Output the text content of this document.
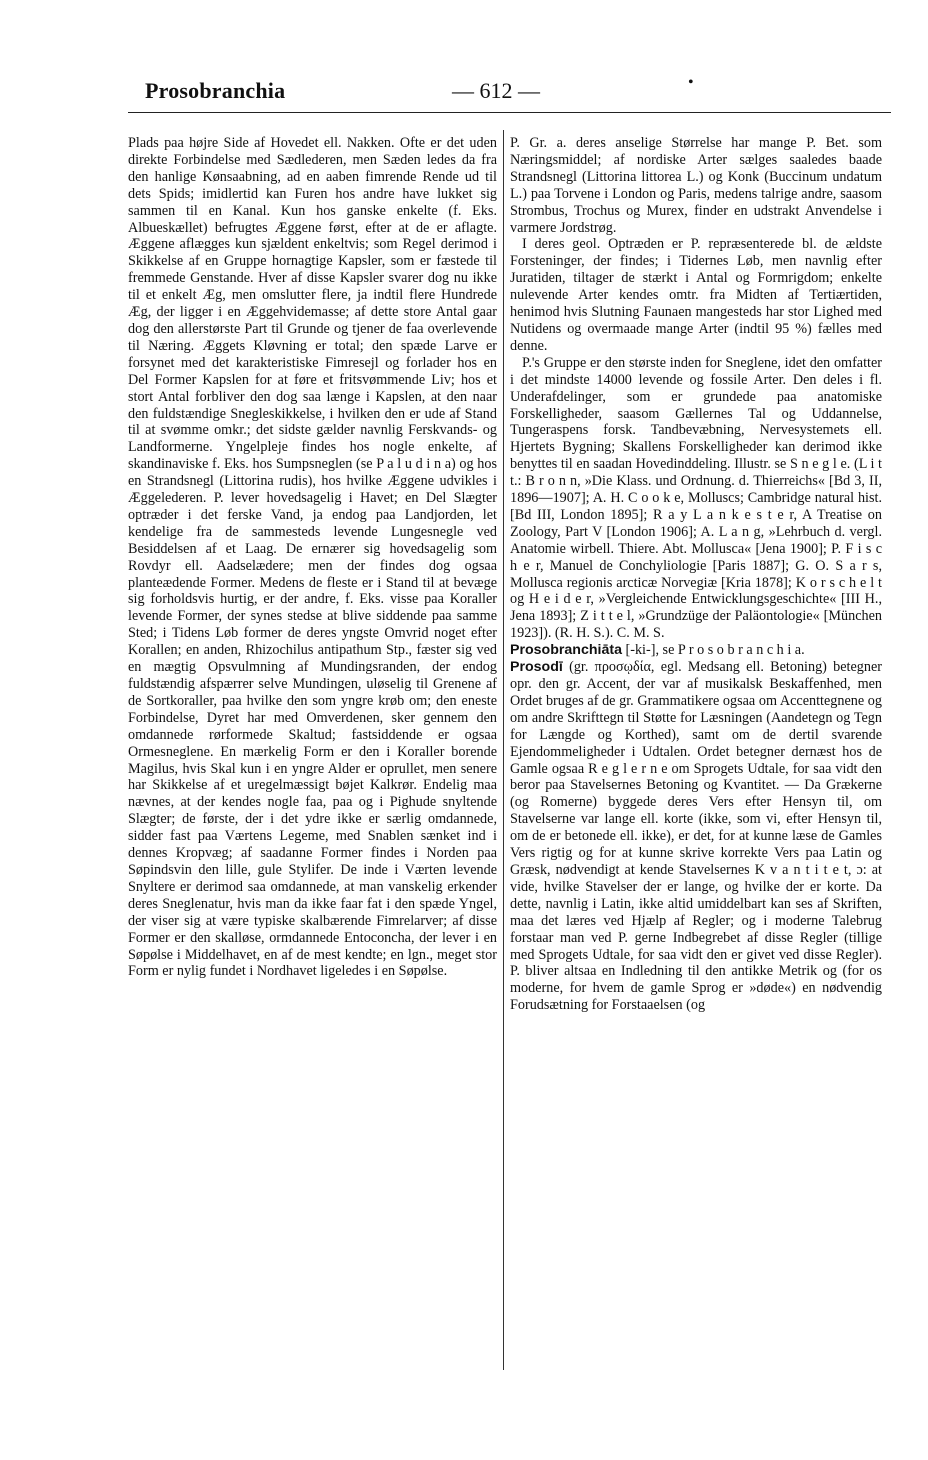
Prosobranchia	— 612 —	•

Plads paa højre Side af Hovedet ell. Nakken. Ofte er det uden direkte Forbindelse med Sædlederen, men Sæden ledes da fra den hanlige Kønsaabning, ad en aaben fimrende Rende ud til dets Spids; imidlertid kan Furen hos andre have lukket sig sammen til en Kanal. Kun hos ganske enkelte (f. Eks. Albueskællet) befrugtes Æggene først, efter at de er aflagte. Æggene aflægges kun sjældent enkeltvis; som Regel derimod i Skikkelse af en Gruppe hornagtige Kapsler, som er fæstede til fremmede Genstande. Hver af disse Kapsler svarer dog nu ikke til et enkelt Æg, men omslutter flere, ja indtil flere Hundrede Æg, der ligger i en Æggehvidemasse; af dette store Antal gaar dog den allerstørste Part til Grunde og tjener de faa overlevende til Næring. Æggets Kløvning er total; den spæde Larve er forsynet med det karakteristiske Fimresejl og forlader hos en Del Former Kapslen for at føre et fritsvømmende Liv; hos et stort Antal forbliver den dog saa længe i Kapslen, at den naar den fuldstændige Snegleskikkelse, i hvilken den er ude af Stand til at svømme omkr.; det sidste gælder navnlig Ferskvands- og Landformerne. Yngelpleje findes hos nogle enkelte, af skandinaviske f. Eks. hos Sumpsneglen (se P a l u d i n a) og hos en Strandsnegl (Littorina rudis), hos hvilke Æggene udvikles i Æggelederen. P. lever hovedsagelig i Havet; en Del Slægter optræder i det ferske Vand, ja endog paa Landjorden, let kendelige fra de sammesteds levende Lungesnegle ved Besiddelsen af et Laag. De ernærer sig hovedsagelig som Rovdyr ell. Aadselædere; men der findes dog ogsaa planteædende Former. Medens de fleste er i Stand til at bevæge sig forholdsvis hurtig, er der andre, f. Eks. visse paa Koraller levende Former, der synes stedse at blive siddende paa samme Sted; i Tidens Løb former de deres yngste Omvrid noget efter Korallen; en anden, Rhizochilus antipathum Stp., fæster sig ved en mægtig Opsvulmning af Mundingsranden, der endog fuldstændig afspærrer selve Mundingen, uløselig til Grenene af de Sortkoraller, paa hvilke den som yngre krøb om; den eneste Forbindelse, Dyret har med Omverdenen, sker gennem den omdannede rørformede Skaltud; fastsiddende er ogsaa Ormesneglene. En mærkelig Form er den i Koraller borende Magilus, hvis Skal kun i en yngre Alder er oprullet, men senere har Skikkelse af et uregelmæssigt bøjet Kalkrør. Endelig maa nævnes, at der kendes nogle faa, paa og i Pighude snyltende Slægter; de første, der i det ydre ikke er særlig omdannede, sidder fast paa Værtens Legeme, med Snablen sænket ind i dennes Kropvæg; af saadanne Former findes i Norden paa Søpindsvin den lille, gule Stylifer. De inde i Værten levende Snyltere er derimod saa omdannede, at man vanskelig erkender deres Sneglenatur, hvis man da ikke faar fat i den spæde Yngel, der viser sig at være typiske skalbærende Fimrelarver; af disse Former er den skalløse, ormdannede Entoconcha, der lever i en Søpølse i Middelhavet, en af de mest kendte; en lgn., meget stor Form er nylig fundet i Nordhavet ligeledes i en Søpølse.

P. Gr. a. deres anselige Størrelse har mange P. Bet. som Næringsmiddel; af nordiske Arter sælges saaledes baade Strandsnegl (Littorina littorea L.) og Konk (Buccinum undatum L.) paa Torvene i London og Paris, medens talrige andre, saasom Strombus, Trochus og Murex, finder en udstrakt Anvendelse i varmere Jordstrøg.

I deres geol. Optræden er P. repræsenterede bl. de ældste Forsteninger, der findes; i Tidernes Løb, men navnlig efter Juratiden, tiltager de stærkt i Antal og Formrigdom; enkelte nulevende Arter kendes omtr. fra Midten af Tertiærtiden, henimod hvis Slutning Faunaen mangesteds har stor Lighed med Nutidens og overmaade mange Arter (indtil 95 %) fælles med denne.

P.'s Gruppe er den største inden for Sneglene, idet den omfatter i det mindste 14000 levende og fossile Arter. Den deles i fl. Underafdelinger, som er grundede paa anatomiske Forskelligheder, saasom Gællernes Tal og Uddannelse, Tungeraspens forsk. Tandbevæbning, Nervesystemets ell. Hjertets Bygning; Skallens Forskelligheder kan derimod ikke benyttes til en saadan Hovedinddeling. Illustr. se S n e g l e. (L i t t.: B r o n n, »Die Klass. und Ordnung. d. Thierreichs« [Bd 3, II, 1896—1907]; A. H. C o o k e, Molluscs; Cambridge natural hist. [Bd III, London 1895]; R a y L a n k e s t e r, A Treatise on Zoology, Part V [London 1906]; A. L a n g, »Lehrbuch d. vergl. Anatomie wirbell. Thiere. Abt. Mollusca« [Jena 1900]; P. F i s c h e r, Manuel de Conchyliologie [Paris 1887]; G. O. S a r s, Mollusca regionis arcticæ Norvegiæ [Kria 1878]; K o r s c h e l t og H e i d e r, »Vergleichende Entwicklungsgeschichte« [III H., Jena 1893]; Z i t t e l, »Grundzüge der Paläontologie« [München 1923]). (R. H. S.). C. M. S.

Prosobranchiāta [-ki-], se P r o s o b r a n c h i a.

Prosodī (gr. προσῳδία, egl. Medsang ell. Betoning) betegner opr. den gr. Accent, der var af musikalsk Beskaffenhed, men Ordet bruges af de gr. Grammatikere ogsaa om Accenttegnene og om andre Skrifttegn til Støtte for Læsningen (Aandetegn og Tegn for Længde og Korthed), samt om de dertil svarende Ejendommeligheder i Udtalen. Ordet betegner dernæst hos de Gamle ogsaa R e g l e r n e om Sprogets Udtale, for saa vidt den beror paa Stavelsernes Betoning og Kvantitet. — Da Grækerne (og Romerne) byggede deres Vers efter Hensyn til, om Stavelserne var lange ell. korte (ikke, som vi, efter Hensyn til, om de er betonede ell. ikke), er det, for at kunne læse de Gamles Vers rigtig og for at kunne skrive korrekte Vers paa Latin og Græsk, nødvendigt at kende Stavelsernes K v a n t i t e t, ɔ: at vide, hvilke Stavelser der er lange, og hvilke der er korte. Da dette, navnlig i Latin, ikke altid umiddelbart kan ses af Skriften, maa det læres ved Hjælp af Regler; og i moderne Talebrug forstaar man ved P. gerne Indbegrebet af disse Regler (tillige med Sprogets Udtale, for saa vidt den er givet ved disse Regler). P. bliver altsaa en Indledning til den antikke Metrik og (for os moderne, for hvem de gamle Sprog er »døde«) en nødvendig Forudsætning for Forstaaelsen (og
